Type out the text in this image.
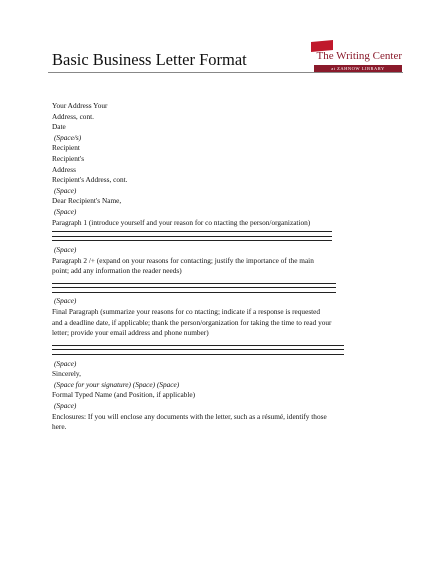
Basic Business Letter Format	The Writing Center
at ZAHNOW LIBRARY
Your Address Your
Address, cont.
Date
(Space/s)
Recipient
Recipient's
Address
Recipient's Address, cont.
(Space)
Dear Recipient's Name,
(Space)
Paragraph 1 (introduce yourself and your reason for co ntacting the person/organization)
(Space)
Paragraph 2 /+ (expand on your reasons for contacting; justify the importance of the main
point; add any information the reader needs)
(Space)
Final Paragraph (summarize your reasons for co ntacting; indicate if a response is requested
and a deadline date, if applicable; thank the person/organization for taking the time to read your
letter; provide your email address and phone number)
(Space)
Sincerely,
(Space for your signature) (Space) (Space)
Formal Typed Name (and Position, if applicable)
(Space)
Enclosures: If you will enclose any documents with the letter, such as a résumé, identify those
here.
